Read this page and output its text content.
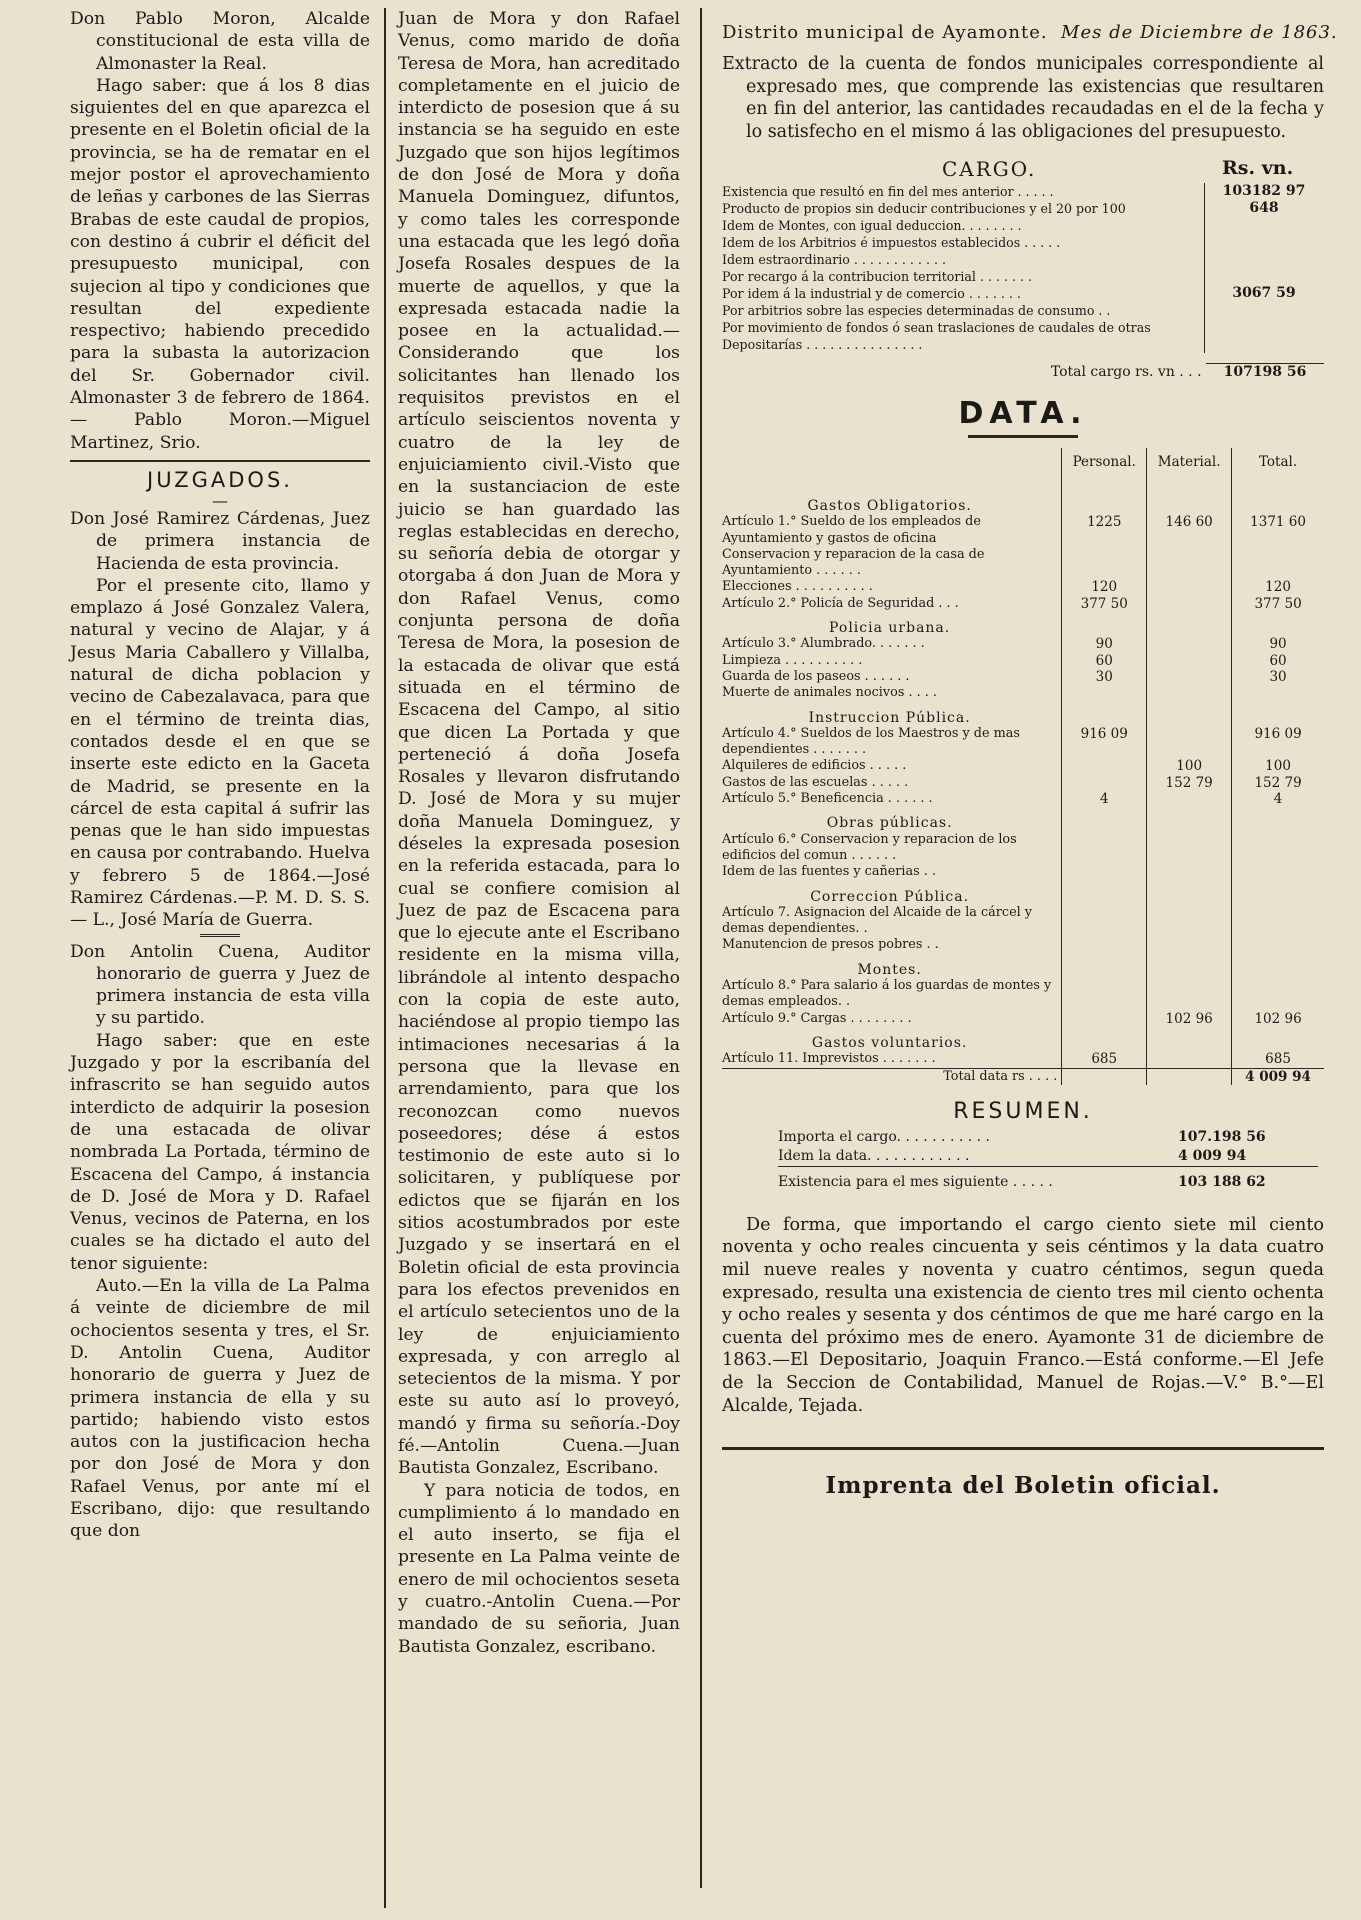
Don Pablo Moron, Alcalde constitucional de esta villa de Almonaster la Real.

Hago saber: que á los 8 dias siguientes del en que aparezca el presente en el Boletin oficial de la provincia, se ha de rematar en el mejor postor el aprovechamiento de leñas y carbones de las Sierras Brabas de este caudal de propios, con destino á cubrir el déficit del presupuesto municipal, con sujecion al tipo y condiciones que resultan del expediente respectivo; habiendo precedido para la subasta la autorizacion del Sr. Gobernador civil. Almonaster 3 de febrero de 1864.— Pablo Moron.—Miguel Martinez, Srio.

JUZGADOS.

—

Don José Ramirez Cárdenas, Juez de primera instancia de Hacienda de esta provincia.

Por el presente cito, llamo y emplazo á José Gonzalez Valera, natural y vecino de Alajar, y á Jesus Maria Caballero y Villalba, natural de dicha poblacion y vecino de Cabezalavaca, para que en el término de treinta dias, contados desde el en que se inserte este edicto en la Gaceta de Madrid, se presente en la cárcel de esta capital á sufrir las penas que le han sido impuestas en causa por contrabando. Huelva y febrero 5 de 1864.—José Ramirez Cárdenas.—P. M. D. S. S.— L., José María de Guerra.

Don Antolin Cuena, Auditor honorario de guerra y Juez de primera instancia de esta villa y su partido.

Hago saber: que en este Juzgado y por la escribanía del infrascrito se han seguido autos interdicto de adquirir la posesion de una estacada de olivar nombrada La Portada, término de Escacena del Campo, á instancia de D. José de Mora y D. Rafael Venus, vecinos de Paterna, en los cuales se ha dictado el auto del tenor siguiente:

Auto.—En la villa de La Palma á veinte de diciembre de mil ochocientos sesenta y tres, el Sr. D. Antolin Cuena, Auditor honorario de guerra y Juez de primera instancia de ella y su partido; habiendo visto estos autos con la justificacion hecha por don José de Mora y don Rafael Venus, por ante mí el Escribano, dijo: que resultando que don

Juan de Mora y don Rafael Venus, como marido de doña Teresa de Mora, han acreditado completamente en el juicio de interdicto de posesion que á su instancia se ha seguido en este Juzgado que son hijos legítimos de don José de Mora y doña Manuela Dominguez, difuntos, y como tales les corresponde una estacada que les legó doña Josefa Rosales despues de la muerte de aquellos, y que la expresada estacada nadie la posee en la actualidad.—Considerando que los solicitantes han llenado los requisitos previstos en el artículo seiscientos noventa y cuatro de la ley de enjuiciamiento civil.-Visto que en la sustanciacion de este juicio se han guardado las reglas establecidas en derecho, su señoría debia de otorgar y otorgaba á don Juan de Mora y don Rafael Venus, como conjunta persona de doña Teresa de Mora, la posesion de la estacada de olivar que está situada en el término de Escacena del Campo, al sitio que dicen La Portada y que perteneció á doña Josefa Rosales y llevaron disfrutando D. José de Mora y su mujer doña Manuela Dominguez, y déseles la expresada posesion en la referida estacada, para lo cual se confiere comision al Juez de paz de Escacena para que lo ejecute ante el Escribano residente en la misma villa, librándole al intento despacho con la copia de este auto, haciéndose al propio tiempo las intimaciones necesarias á la persona que la llevase en arrendamiento, para que los reconozcan como nuevos poseedores; dése á estos testimonio de este auto si lo solicitaren, y publíquese por edictos que se fijarán en los sitios acostumbrados por este Juzgado y se insertará en el Boletin oficial de esta provincia para los efectos prevenidos en el artículo setecientos uno de la ley de enjuiciamiento expresada, y con arreglo al setecientos de la misma. Y por este su auto así lo proveyó, mandó y firma su señoría.-Doy fé.—Antolin Cuena.—Juan Bautista Gonzalez, Escribano.

Y para noticia de todos, en cumplimiento á lo mandado en el auto inserto, se fija el presente en La Palma veinte de enero de mil ochocientos seseta y cuatro.-Antolin Cuena.—Por mandado de su señoria, Juan Bautista Gonzalez, escribano.

Distrito municipal de Ayamonte. Mes de Diciembre de 1863.

Extracto de la cuenta de fondos municipales correspondiente al expresado mes, que comprende las existencias que resultaren en fin del anterior, las cantidades recaudadas en el de la fecha y lo satisfecho en el mismo á las obligaciones del presupuesto.

CARGO.	Rs. vn.
Existencia que resultó en fin del mes anterior . . . . .	103182 97
Producto de propios sin deducir contribuciones y el 20 por 100	648
Idem de Montes, con igual deduccion. . . . . . . .	
Idem de los Arbitrios é impuestos establecidos . . . . .	
Idem estraordinario . . . . . . . . . . . .	
Por recargo á la contribucion territorial . . . . . . .	
Por idem á la industrial y de comercio . . . . . . .	3067 59
Por arbitrios sobre las especies determinadas de consumo . .	
Por movimiento de fondos ó sean traslaciones de caudales de otras Depositarías . . . . . . . . . . . . . . .	
Total cargo rs. vn . . . 107198 56
DATA.
	Personal.	Material.	Total.
Gastos Obligatorios.			
Artículo 1.° Sueldo de los empleados de Ayuntamiento y gastos de oficina	1225	146 60	1371 60
Conservacion y reparacion de la casa de Ayuntamiento . . . . . .			
Elecciones . . . . . . . . . .	120		120
Artículo 2.° Policía de Seguridad . . .	377 50		377 50
Policia urbana.			
Artículo 3.° Alumbrado. . . . . . .	90		90
Limpieza . . . . . . . . . .	60		60
Guarda de los paseos . . . . . .	30		30
Muerte de animales nocivos . . . .			
Instruccion Pública.			
Artículo 4.° Sueldos de los Maestros y de mas dependientes . . . . . . .	916 09		916 09
Alquileres de edificios . . . . .		100	100
Gastos de las escuelas . . . . .		152 79	152 79
Artículo 5.° Beneficencia . . . . . .	4		4
Obras públicas.			
Artículo 6.° Conservacion y reparacion de los edificios del comun . . . . . .			
Idem de las fuentes y cañerias . .			
Correccion Pública.			
Artículo 7. Asignacion del Alcaide de la cárcel y demas dependientes. .			
Manutencion de presos pobres . .			
Montes.			
Artículo 8.° Para salario á los guardas de montes y demas empleados. .			
Artículo 9.° Cargas . . . . . . . .		102 96	102 96
Gastos voluntarios.			
Artículo 11. Imprevistos . . . . . . .	685		685
Total data rs . . . .			4 009 94
RESUMEN.
Importa el cargo. . . . . . . . . . .	107.198 56
Idem la data. . . . . . . . . . . .	4 009 94
Existencia para el mes siguiente . . . . .	103 188 62

De forma, que importando el cargo ciento siete mil ciento noventa y ocho reales cincuenta y seis céntimos y la data cuatro mil nueve reales y noventa y cuatro céntimos, segun queda expresado, resulta una existencia de ciento tres mil ciento ochenta y ocho reales y sesenta y dos céntimos de que me haré cargo en la cuenta del próximo mes de enero. Ayamonte 31 de diciembre de 1863.—El Depositario, Joaquin Franco.—Está conforme.—El Jefe de la Seccion de Contabilidad, Manuel de Rojas.—V.° B.°—El Alcalde, Tejada.

Imprenta del Boletin oficial.
